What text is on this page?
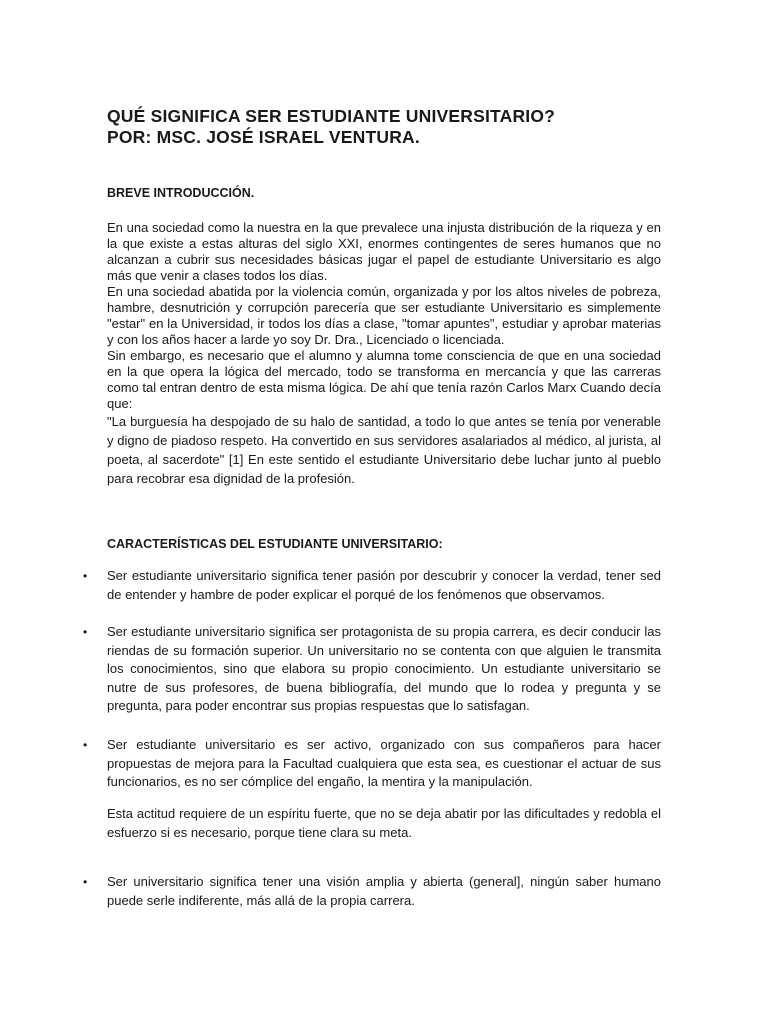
QUÉ SIGNIFICA SER ESTUDIANTE UNIVERSITARIO?
POR: MSC. JOSÉ ISRAEL VENTURA.
BREVE INTRODUCCIÓN.

En una sociedad como la nuestra en la que prevalece una injusta distribución de la riqueza y en la que existe a estas alturas del siglo XXI, enormes contingentes de seres humanos que no alcanzan a cubrir sus necesidades básicas jugar el papel de estudiante Universitario es algo más que venir a clases todos los días.

En una sociedad abatida por la violencia común, organizada y por los altos niveles de pobreza, hambre, desnutrición y corrupción parecería que ser estudiante Universitario es simplemente "estar" en la Universidad, ir todos los días a clase, "tomar apuntes", estudiar y aprobar materias y con los años hacer a larde yo soy Dr. Dra., Licenciado o licenciada.

Sin embargo, es necesario que el alumno y alumna tome consciencia de que en una sociedad en la que opera la lógica del mercado, todo se transforma en mercancía y que las carreras como tal entran dentro de esta misma lógica. De ahí que tenía razón Carlos Marx Cuando decía que:

"La burguesía ha despojado de su halo de santidad, a todo lo que antes se tenía por venerable y digno de piadoso respeto. Ha convertido en sus servidores asalariados al médico, al jurista, al poeta, al sacerdote" [1] En este sentido el estudiante Universitario debe luchar junto al pueblo para recobrar esa dignidad de la profesión.

CARACTERÍSTICAS DEL ESTUDIANTE UNIVERSITARIO:
•	Ser estudiante universitario significa tener pasión por descubrir y conocer la verdad, tener sed de entender y hambre de poder explicar el porqué de los fenómenos que observamos.
•	Ser estudiante universitario significa ser protagonista de su propia carrera, es decir conducir las riendas de su formación superior. Un universitario no se contenta con que alguien le transmita los conocimientos, sino que elabora su propio conocimiento. Un estudiante universitario se nutre de sus profesores, de buena bibliografía, del mundo que lo rodea y pregunta y se pregunta, para poder encontrar sus propias respuestas que lo satisfagan.
•	Ser estudiante universitario es ser activo, organizado con sus compañeros para hacer propuestas de mejora para la Facultad cualquiera que esta sea, es cuestionar el actuar de sus funcionarios, es no ser cómplice del engaño, la mentira y la manipulación.
Esta actitud requiere de un espíritu fuerte, que no se deja abatir por las dificultades y redobla el esfuerzo si es necesario, porque tiene clara su meta.
•	Ser universitario significa tener una visión amplia y abierta (general], ningún saber humano puede serle indiferente, más allá de la propia carrera.
